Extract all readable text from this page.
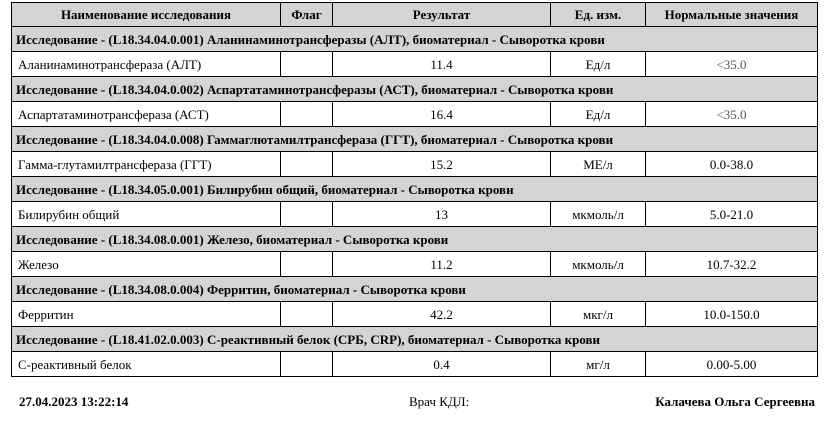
Наименование исследования	Флаг	Результат	Ед. изм.	Нормальные значения
Исследование - (L18.34.04.0.001) Аланинаминотрансферазы (АЛТ), биоматериал - Сыворотка крови				
Аланинаминотрансфераза (АЛТ)		11.4	Ед/л	<35.0
Исследование - (L18.34.04.0.002) Аспартатаминотрансферазы (АСТ), биоматериал - Сыворотка крови				
Аспартатаминотрансфераза (АСТ)		16.4	Ед/л	<35.0
Исследование - (L18.34.04.0.008) Гаммаглютамилтрансфераза (ГГТ), биоматериал - Сыворотка крови				
Гамма-глутамилтрансфераза (ГГТ)		15.2	МЕ/л	0.0-38.0
Исследование - (L18.34.05.0.001) Билирубин общий, биоматериал - Сыворотка крови				
Билирубин общий		13	мкмоль/л	5.0-21.0
Исследование - (L18.34.08.0.001) Железо, биоматериал - Сыворотка крови				
Железо		11.2	мкмоль/л	10.7-32.2
Исследование - (L18.34.08.0.004) Ферритин, биоматериал - Сыворотка крови				
Ферритин		42.2	мкг/л	10.0-150.0
Исследование - (L18.41.02.0.003) С-реактивный белок (СРБ, CRP), биоматериал - Сыворотка крови				
С-реактивный белок		0.4	мг/л	0.00-5.00
27.04.2023 13:22:14	Врач КДЛ:	Калачева Ольга Сергеевна
